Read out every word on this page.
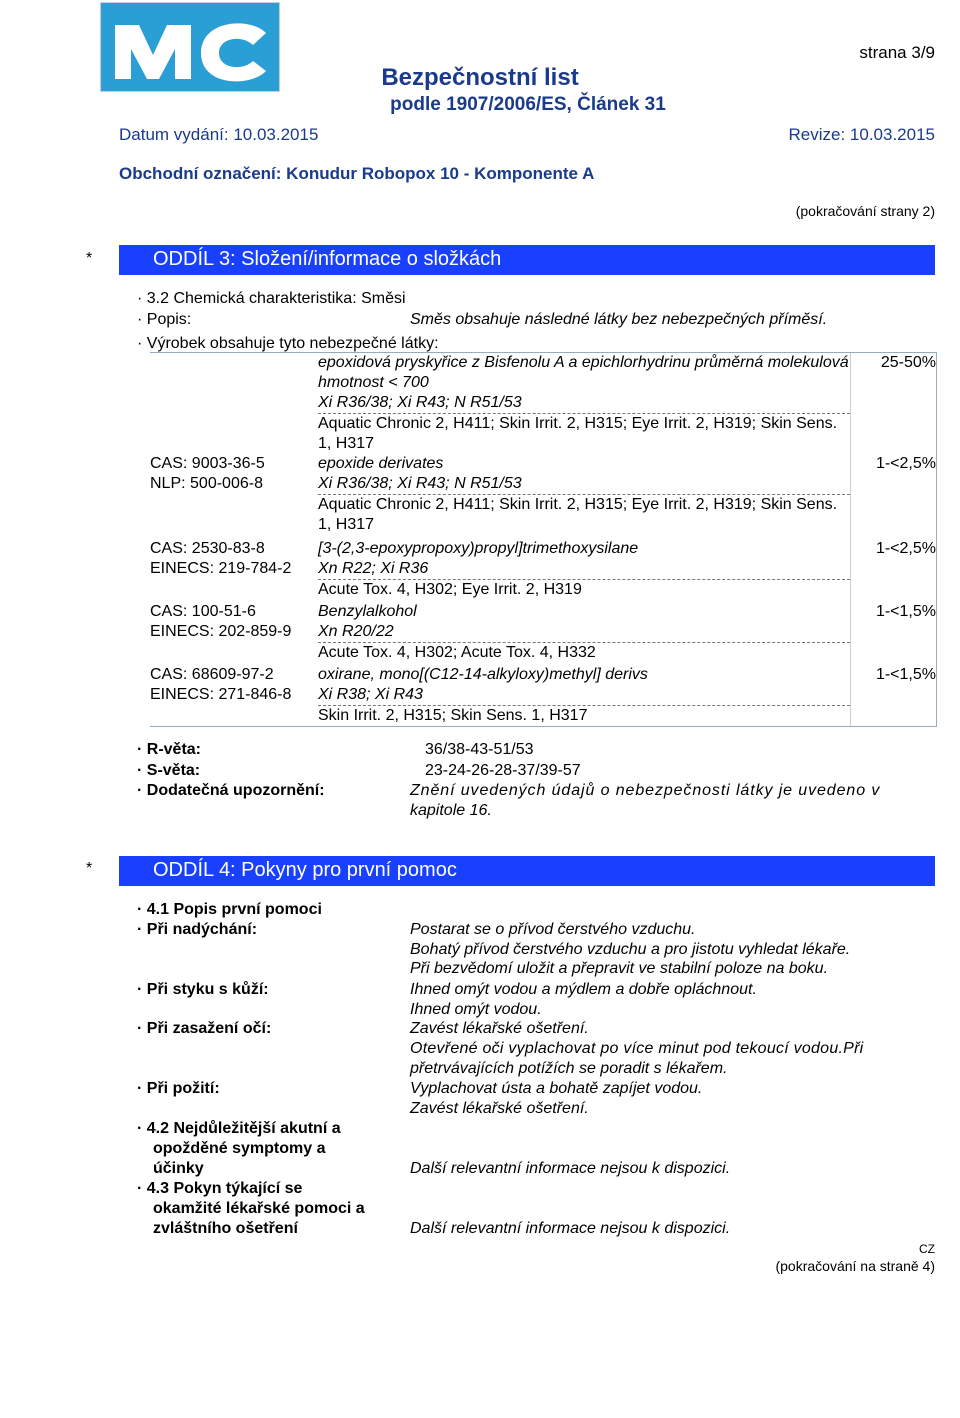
strana 3/9
Bezpečnostní list
podle 1907/2006/ES, Článek 31
Datum vydání: 10.03.2015	Revize: 10.03.2015
Obchodní označení: Konudur Robopox 10 - Komponente A
(pokračování strany 2)
*	ODDÍL 3: Složení/informace o složkách
· 3.2 Chemická charakteristika: Směsi
· Popis:	Směs obsahuje následné látky bez nebezpečných přímĕsí.
· Výrobek obsahuje tyto nebezpečné látky:
	epoxidová pryskyřice z Bisfenolu A a epichlorhydrinu průměrná molekulová hmotnost < 700
Xi R36/38; Xi R43; N R51/53	25-50%
	Aquatic Chronic 2, H411; Skin Irrit. 2, H315; Eye Irrit. 2, H319; Skin Sens. 1, H317	
CAS: 9003-36-5
NLP: 500-006-8	epoxide derivates
Xi R36/38; Xi R43; N R51/53	1-<2,5%
	Aquatic Chronic 2, H411; Skin Irrit. 2, H315; Eye Irrit. 2, H319; Skin Sens. 1, H317	
CAS: 2530-83-8
EINECS: 219-784-2	[3-(2,3-epoxypropoxy)propyl]trimethoxysilane
Xn R22; Xi R36	1-<2,5%
	Acute Tox. 4, H302; Eye Irrit. 2, H319	
CAS: 100-51-6
EINECS: 202-859-9	Benzylalkohol
Xn R20/22	1-<1,5%
	Acute Tox. 4, H302; Acute Tox. 4, H332	
CAS: 68609-97-2
EINECS: 271-846-8	oxirane, mono[(C12-14-alkyloxy)methyl] derivs
Xi R38; Xi R43	1-<1,5%
	Skin Irrit. 2, H315; Skin Sens. 1, H317	
· R-věta:	36/38-43-51/53
· S-věta:	23-24-26-28-37/39-57
· Dodatečná upozornění:	Znění uvedených údajů o nebezpečnosti látky je uvedeno v
kapitole 16.
*	ODDÍL 4: Pokyny pro první pomoc
· 4.1 Popis první pomoci
· Při nadýchání:	Postarat se o přívod čerstvého vzduchu.
Bohatý přívod čerstvého vzduchu a pro jistotu vyhledat lékaře.
Při bezvědomí uložit a přepravit ve stabilní poloze na boku.
· Při styku s kůží:	Ihned omýt vodou a mýdlem a dobře opláchnout.
Ihned omýt vodou.
· Při zasažení očí:	Zavést lékařské ošetření.
Otevřené oči vyplachovat po více minut pod tekoucí vodou.Při
přetrvávajících potížích se poradit s lékařem.
· Při požití:	Vyplachovat ústa a bohatě zapíjet vodou.
Zavést lékařské ošetření.
· 4.2 Nejdůležitější akutní a
opožděné symptomy a
účinky	Další relevantní informace nejsou k dispozici.
· 4.3 Pokyn týkající se
okamžité lékařské pomoci a
zvláštního ošetření	Další relevantní informace nejsou k dispozici.
CZ
(pokračování na straně 4)
